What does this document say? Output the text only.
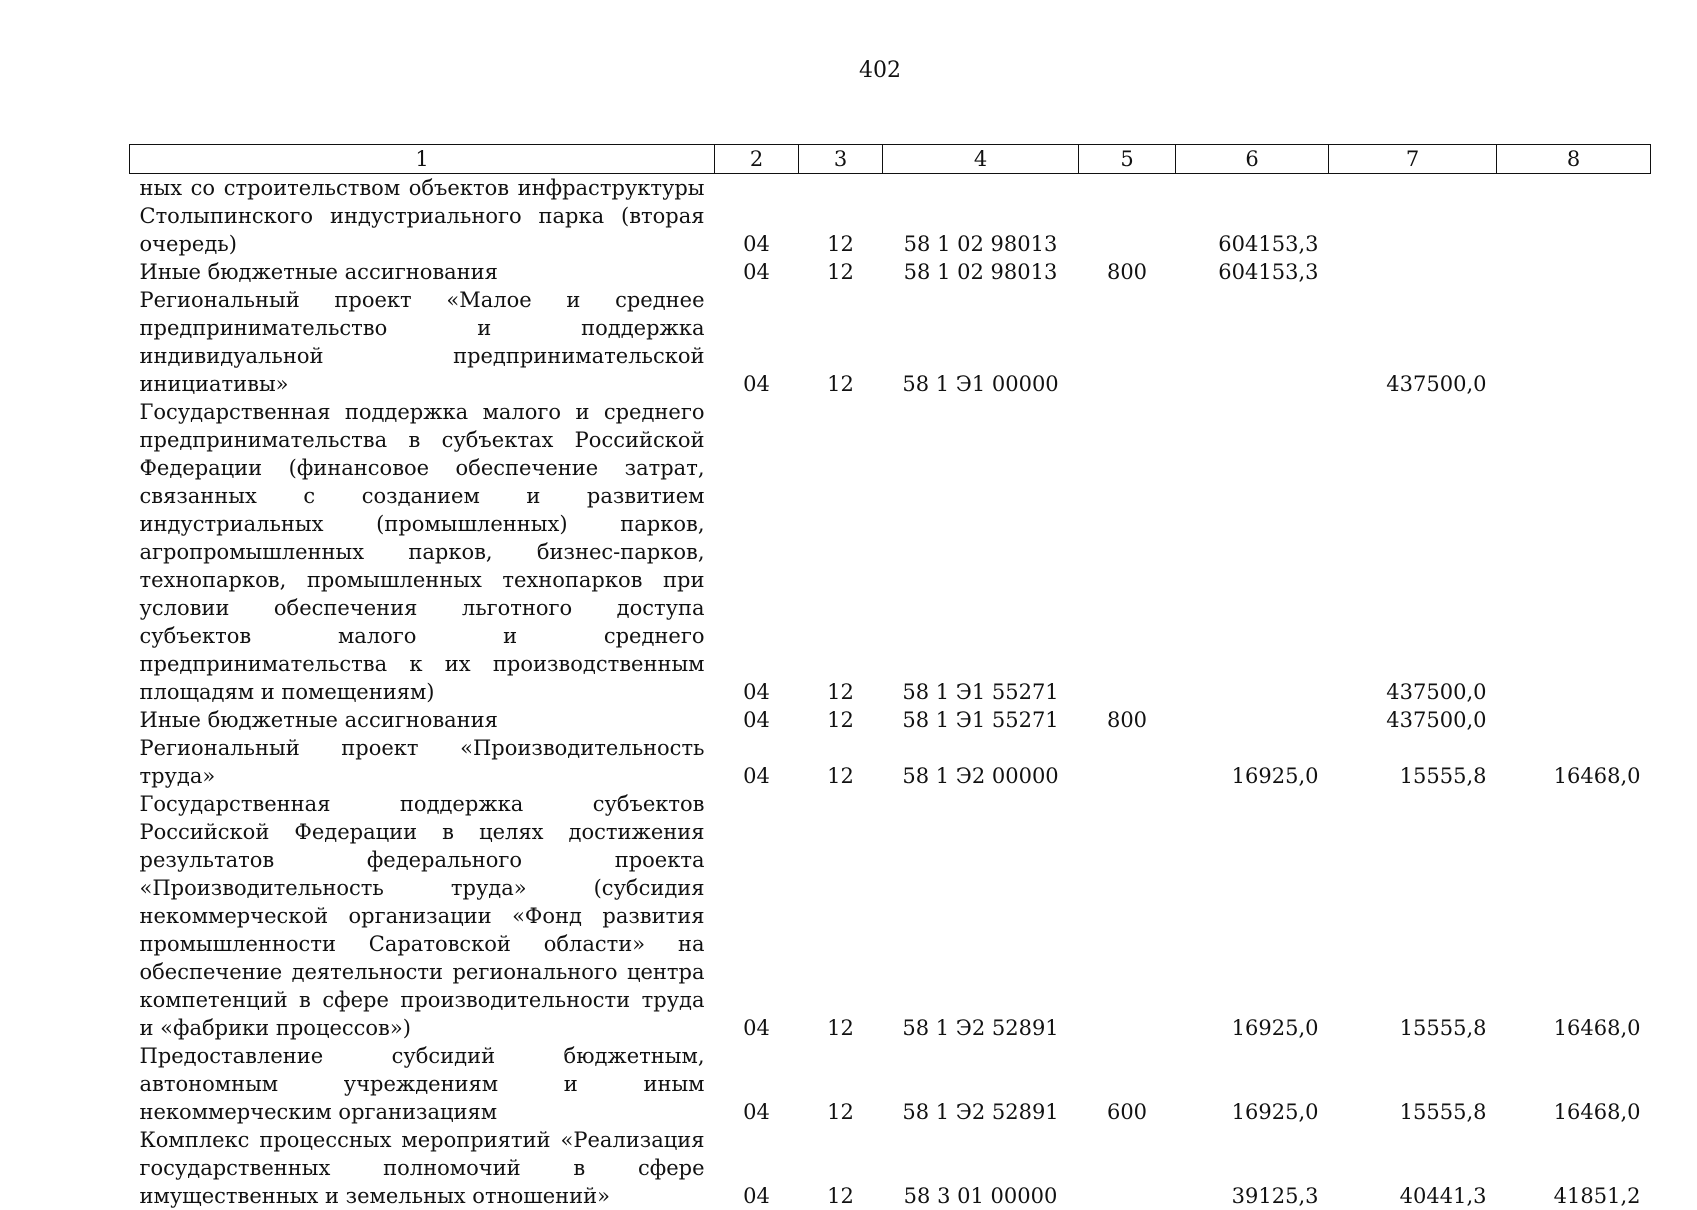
402
1	2	3	4	5	6	7	8
ных со строительством объектов инфраструктуры Столыпинского индустриального парка (вторая очередь)	04	12	58 1 02 98013		604153,3		
Иные бюджетные ассигнования	04	12	58 1 02 98013	800	604153,3		
Региональный проект «Малое и среднее предпринимательство и поддержка индивидуальной предпринимательской инициативы»	04	12	58 1 Э1 00000			437500,0	
Государственная поддержка малого и среднего предпринимательства в субъектах Российской Федерации (финансовое обеспечение затрат, связанных с созданием и развитием индустриальных (промышленных) парков, агропромышленных парков, бизнес-парков, технопарков, промышленных технопарков при условии обеспечения льготного доступа субъектов малого и среднего предпринимательства к их производственным площадям и помещениям)	04	12	58 1 Э1 55271			437500,0	
Иные бюджетные ассигнования	04	12	58 1 Э1 55271	800		437500,0	
Региональный проект «Производительность труда»	04	12	58 1 Э2 00000		16925,0	15555,8	16468,0
Государственная поддержка субъектов Российской Федерации в целях достижения результатов федерального проекта «Производительность труда» (субсидия некоммерческой организации «Фонд развития промышленности Саратовской области» на обеспечение деятельности регионального центра компетенций в сфере производительности труда и «фабрики процессов»)	04	12	58 1 Э2 52891		16925,0	15555,8	16468,0
Предоставление субсидий бюджетным, автономным учреждениям и иным некоммерческим организациям	04	12	58 1 Э2 52891	600	16925,0	15555,8	16468,0
Комплекс процессных мероприятий «Реализация государственных полномочий в сфере имущественных и земельных отношений»	04	12	58 3 01 00000		39125,3	40441,3	41851,2
